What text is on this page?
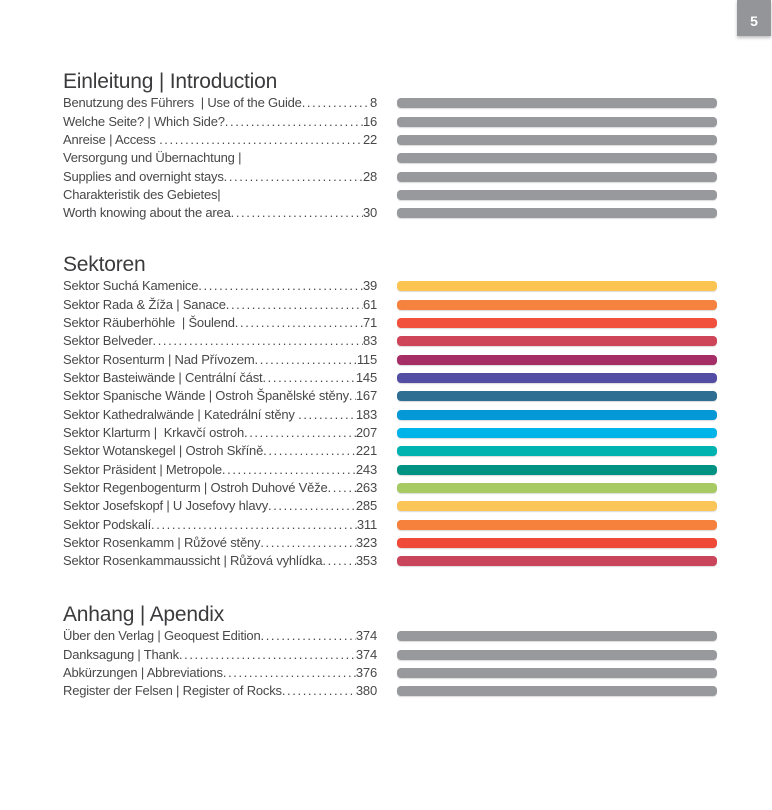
5
Einleitung | Introduction
Benutzung des Führers  | Use of the Guide .....	8
Welche Seite? | Which Side? .....	16
Anreise | Access .....	22
Versorgung und Übernachtung |
Supplies and overnight stays .....	28
Charakteristik des Gebietes|
Worth knowing about the area .....	30
Sektoren
Sektor Suchá Kamenice .....	39
Sektor Rada & Žíža | Sanace .....	61
Sektor Räuberhöhle  | Šoulend .....	71
Sektor Belveder .....	83
Sektor Rosenturm | Nad Přívozem .....	115
Sektor Basteiwände | Centrální část .....	145
Sektor Spanische Wände | Ostroh Španělské stěny ..... 167
Sektor Kathedralwände | Katedrální stěny .....	183
Sektor Klarturm |  Krkavčí ostroh .....	207
Sektor Wotanskegel | Ostroh Skříně .....	221
Sektor Präsident | Metropole .....	243
Sektor Regenbogenturm | Ostroh Duhové Věže ..... 263
Sektor Josefskopf | U Josefovy hlavy .....	285
Sektor Podskalí .....	311
Sektor Rosenkamm | Růžové stěny .....	323
Sektor Rosenkammaussicht | Růžová vyhlídka .....	353
Anhang | Apendix
Über den Verlag | Geoquest Edition .....	374
Danksagung | Thank .....	374
Abkürzungen | Abbreviations .....	376
Register der Felsen | Register of Rocks .....	380
